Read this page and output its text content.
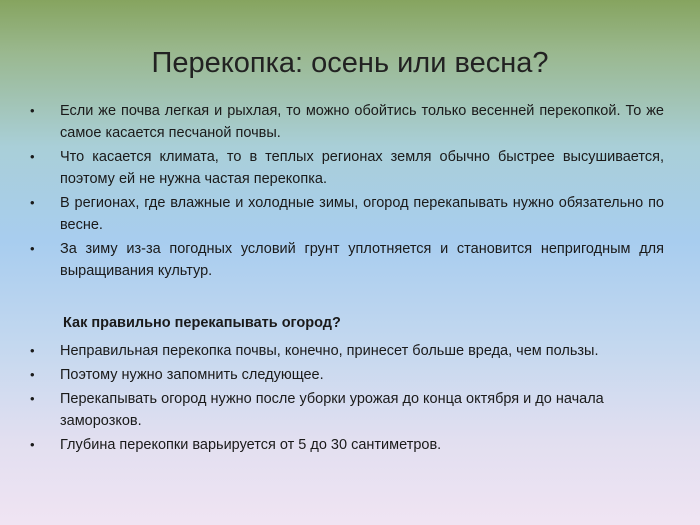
Перекопка: осень или весна?
• Если же почва легкая и рыхлая, то можно обойтись только весенней перекопкой. То же самое касается песчаной почвы.
• Что касается климата, то в теплых регионах земля обычно быстрее высушивается, поэтому ей не нужна частая перекопка.
• В регионах, где влажные и холодные зимы, огород перекапывать нужно обязательно по весне.
• За зиму из-за погодных условий грунт уплотняется и становится непригодным для выращивания культур.
Как правильно перекапывать огород?
• Неправильная перекопка почвы, конечно, принесет больше вреда, чем пользы.
• Поэтому нужно запомнить следующее.
• Перекапывать огород нужно после уборки урожая до конца октября и до начала заморозков.
• Глубина перекопки варьируется от 5 до 30 сантиметров.
